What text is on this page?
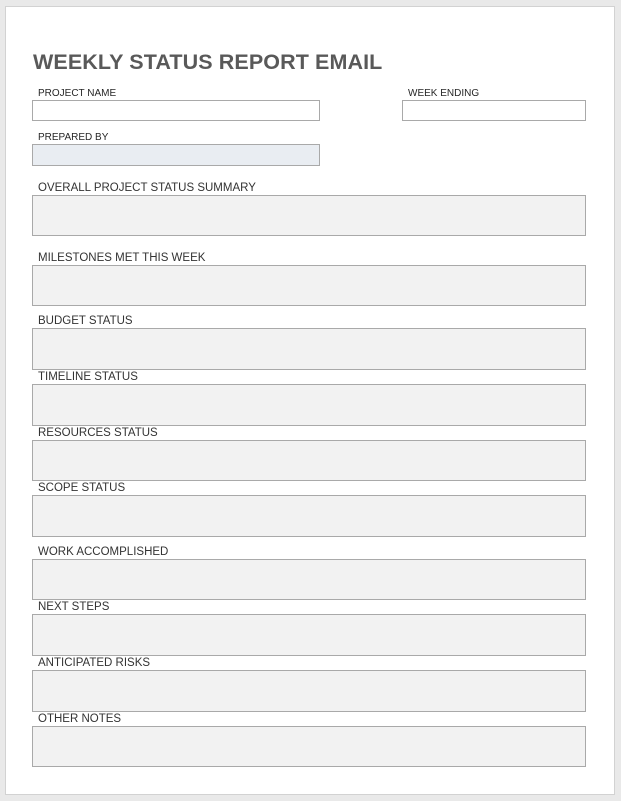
WEEKLY STATUS REPORT EMAIL
PROJECT NAME	WEEK ENDING
PREPARED BY
OVERALL PROJECT STATUS SUMMARY
MILESTONES MET THIS WEEK
BUDGET STATUS
TIMELINE STATUS
RESOURCES STATUS
SCOPE STATUS
WORK ACCOMPLISHED
NEXT STEPS
ANTICIPATED RISKS
OTHER NOTES
